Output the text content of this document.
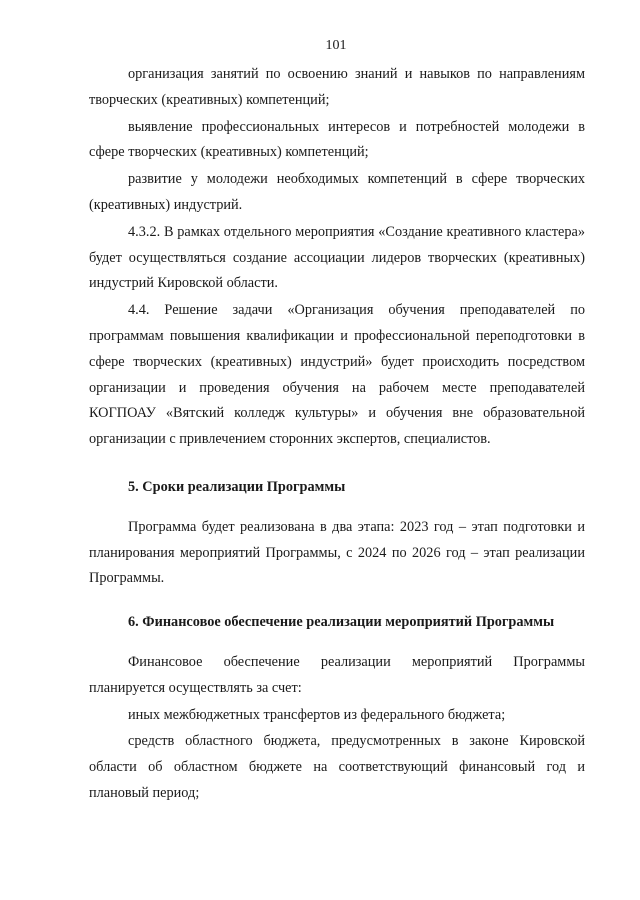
101

организация занятий по освоению знаний и навыков по направлениям творческих (креативных) компетенций;

выявление профессиональных интересов и потребностей молодежи в сфере творческих (креативных) компетенций;

развитие у молодежи необходимых компетенций в сфере творческих (креативных) индустрий.

4.3.2. В рамках отдельного мероприятия «Создание креативного кластера» будет осуществляться создание ассоциации лидеров творческих (креативных) индустрий Кировской области.

4.4. Решение задачи «Организация обучения преподавателей по программам повышения квалификации и профессиональной переподготовки в сфере творческих (креативных) индустрий» будет происходить посредством организации и проведения обучения на рабочем месте преподавателей КОГПОАУ «Вятский колледж культуры» и обучения вне образовательной организации с привлечением сторонних экспертов, специалистов.

5. Сроки реализации Программы

Программа будет реализована в два этапа: 2023 год – этап подготовки и планирования мероприятий Программы, с 2024 по 2026 год – этап реализации Программы.

6. Финансовое обеспечение реализации мероприятий Программы

Финансовое обеспечение реализации мероприятий Программы планируется осуществлять за счет:

иных межбюджетных трансфертов из федерального бюджета;

средств областного бюджета, предусмотренных в законе Кировской области об областном бюджете на соответствующий финансовый год и плановый период;
